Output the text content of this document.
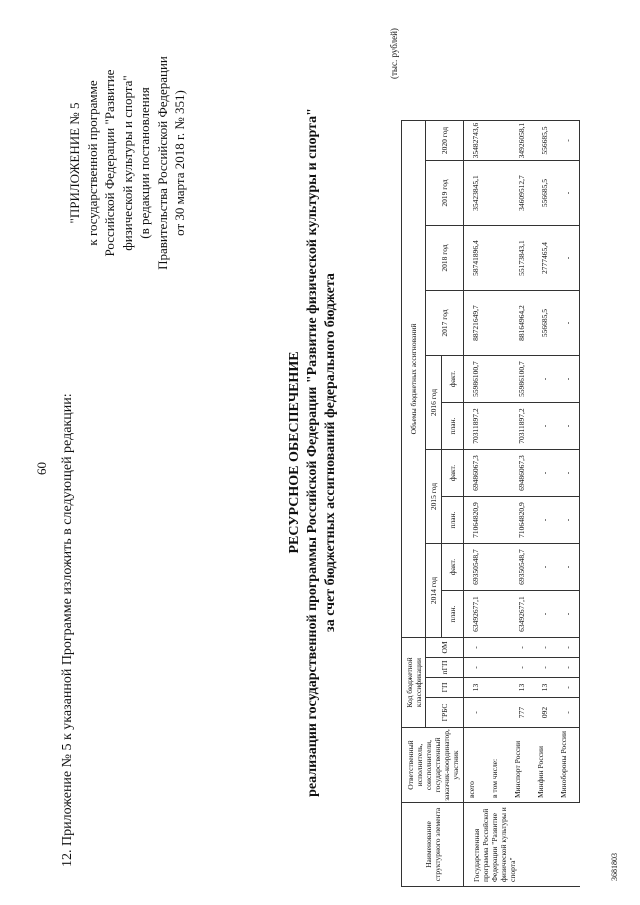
60 12. Приложение № 5 к указанной Программе изложить в следующей редакции:
"ПРИЛОЖЕНИЕ № 5 к государственной программе Российской Федерации "Развитие физической культуры и спорта" (в редакции постановления Правительства Российской Федерации от 30 марта 2018 г. № 351)
РЕСУРСНОЕ ОБЕСПЕЧЕНИЕ реализации государственной программы Российской Федерации "Развитие физической культуры и спорта" за счет бюджетных ассигнований федерального бюджета
(тыс. рублей)
Наименование структурного элемента	Ответственный исполнитель, соисполнители, государственный заказчик-координатор, участник	Код бюджетной классификации				Объемы бюджетных ассигнований									
		ГРБС	ГП	пГП	ОМ	2014 год		2015 год		2016 год		2017 год	2018 год	2019 год	2020 год
						план.	факт.	план.	факт.	план.	факт.				
Государственная программа Российской Федерации "Развитие физической культуры и спорта"	всего	-	13	-	-	63492677,1	69350548,7	71064820,9	69486067,3	70311897,2	55986100,7	88721649,7	58741896,4	35423845,1	35482743,6
	в том числе:														
	Минспорт России	777	13	-	-	63492677,1	69350548,7	71064820,9	69486067,3	70311897,2	55986100,7	88164964,2	55173843,1	34609512,7	34926058,1
	Минфин России	092	13	-	-	-	-	-	-	-	-	556685,5	2777465,4	556685,5	556685,5
	Минобороны России	-	-	-	-	-	-	-	-	-	-	-	-	-	-
3681803
